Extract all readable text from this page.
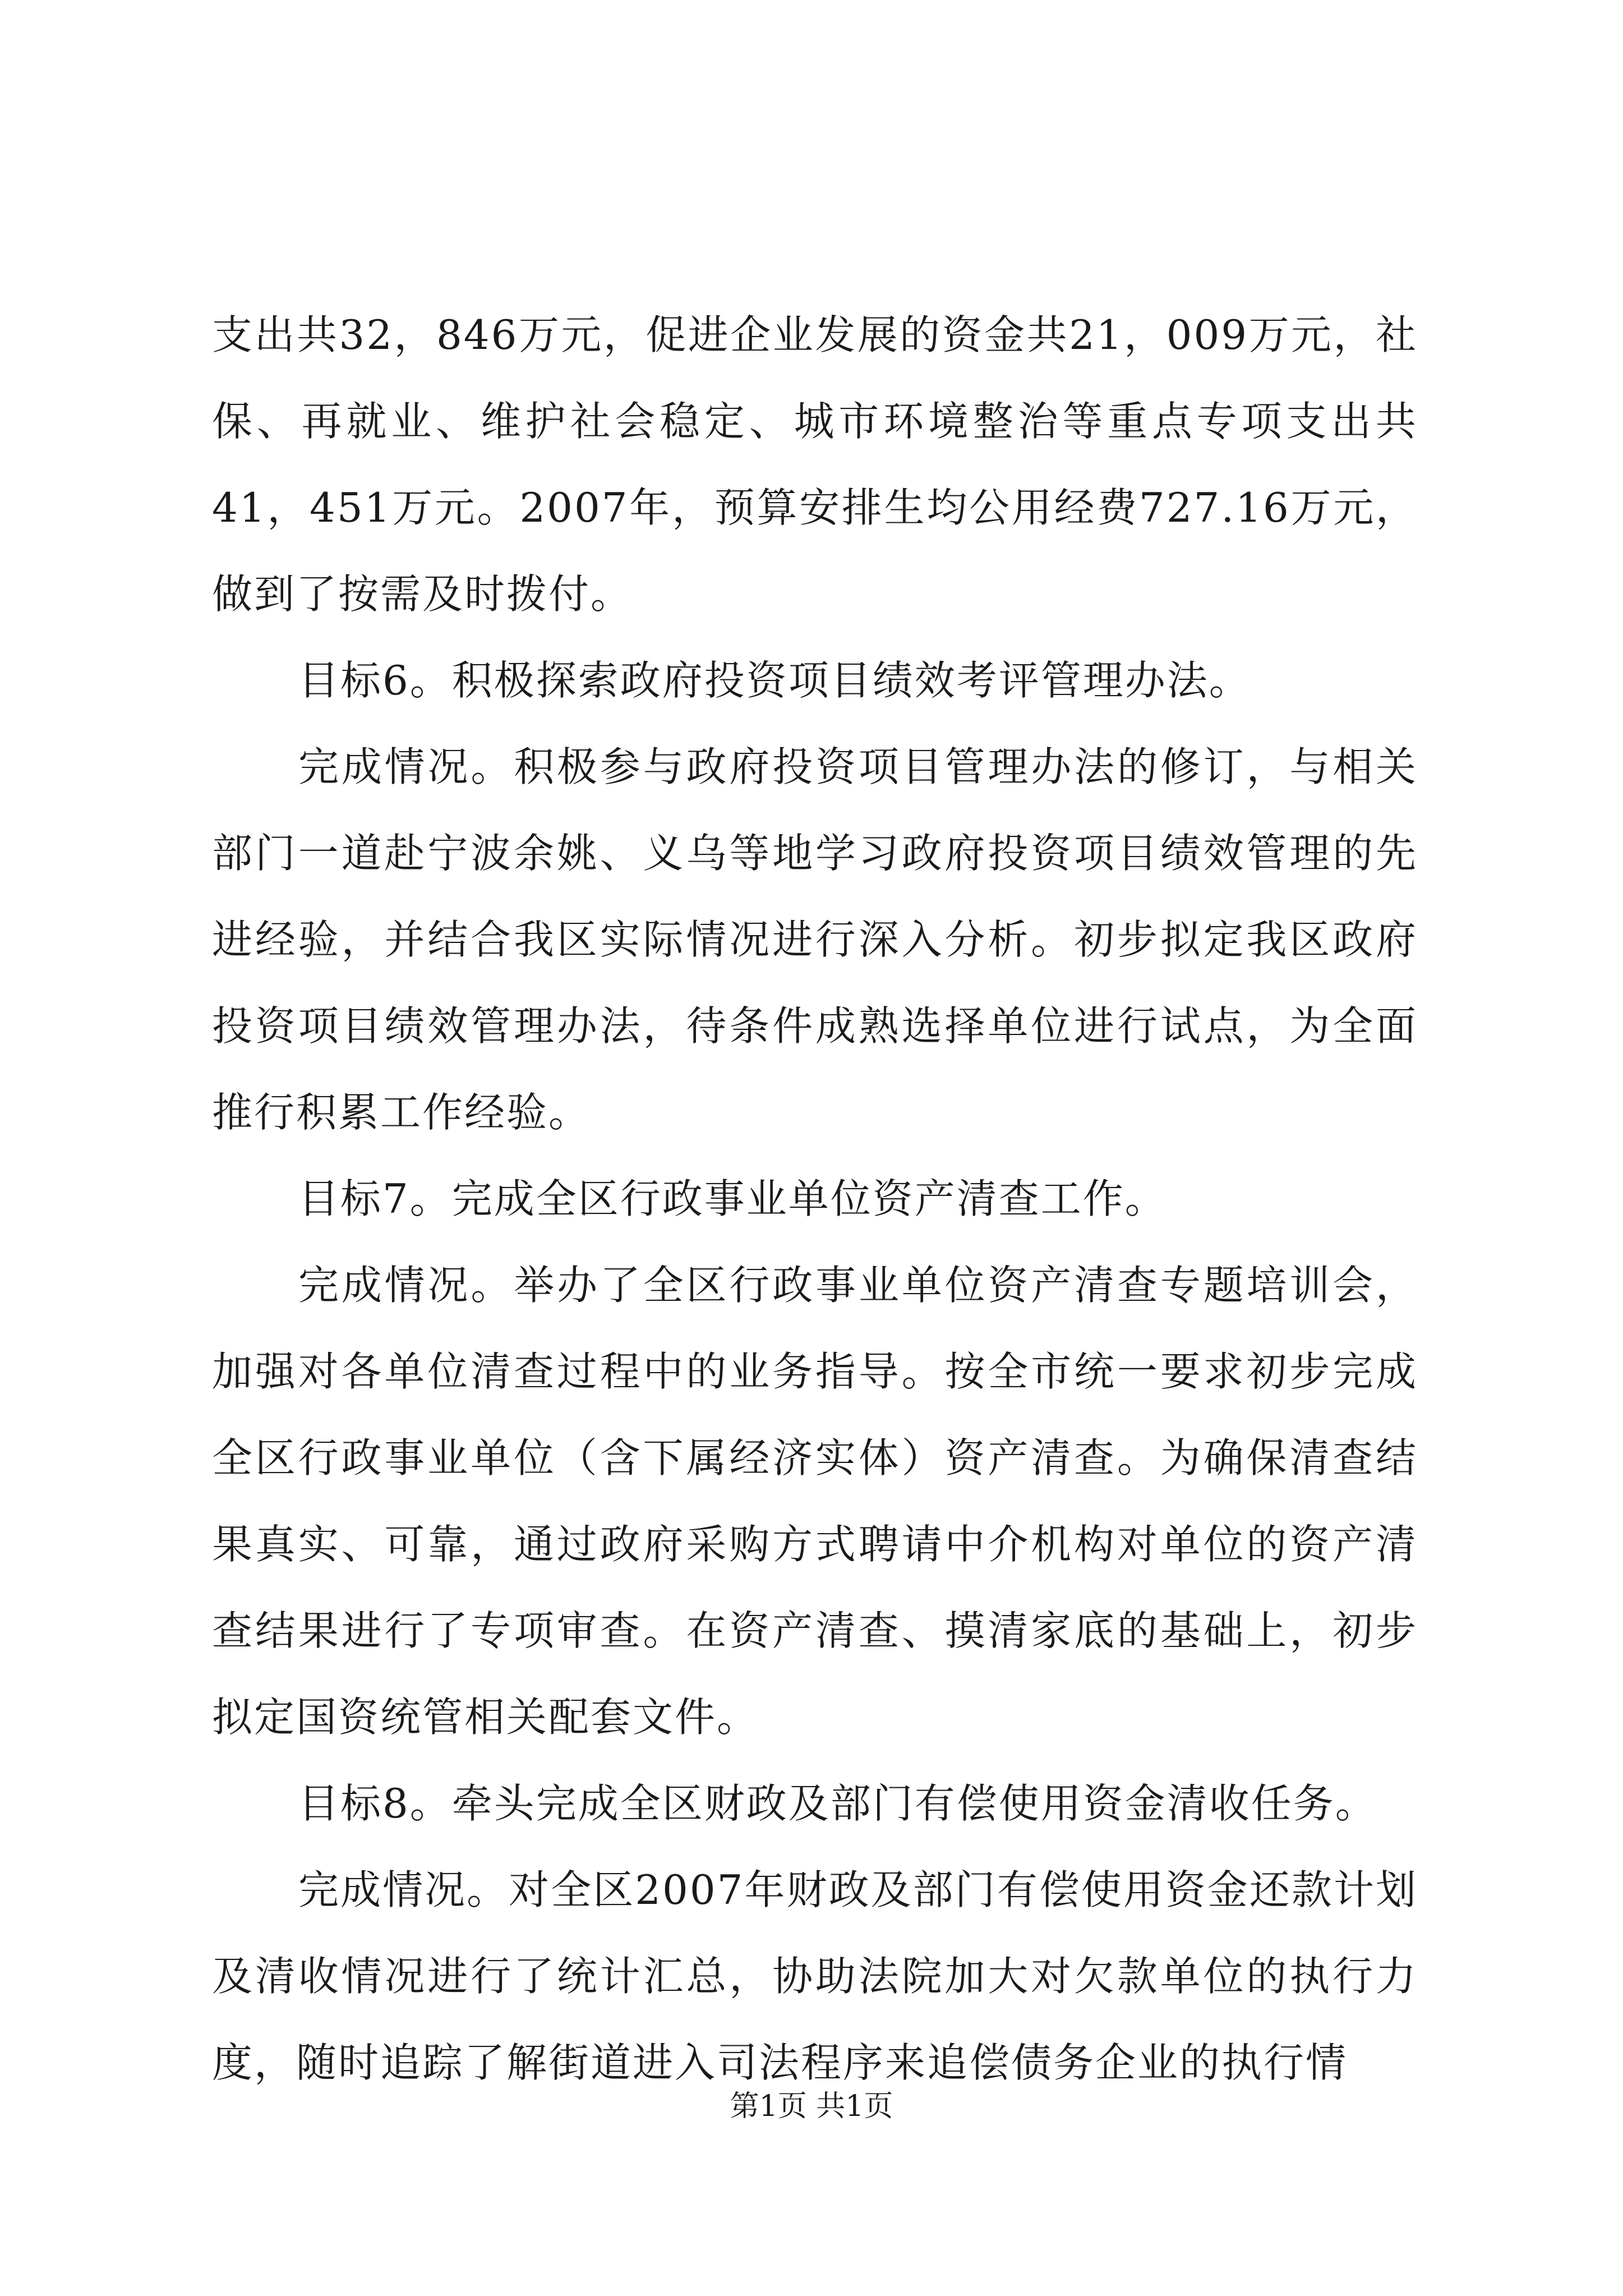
支出共32，846万元，促进企业发展的资金共21，009万元，社保、再就业、维护社会稳定、城市环境整治等重点专项支出共41，451万元。2007年，预算安排生均公用经费727.16万元，做到了按需及时拨付。

目标6。积极探索政府投资项目绩效考评管理办法。

完成情况。积极参与政府投资项目管理办法的修订，与相关部门一道赴宁波余姚、义乌等地学习政府投资项目绩效管理的先进经验，并结合我区实际情况进行深入分析。初步拟定我区政府投资项目绩效管理办法，待条件成熟选择单位进行试点，为全面推行积累工作经验。

目标7。完成全区行政事业单位资产清查工作。

完成情况。举办了全区行政事业单位资产清查专题培训会，加强对各单位清查过程中的业务指导。按全市统一要求初步完成全区行政事业单位（含下属经济实体）资产清查。为确保清查结果真实、可靠，通过政府采购方式聘请中介机构对单位的资产清查结果进行了专项审查。在资产清查、摸清家底的基础上，初步拟定国资统管相关配套文件。

目标8。牵头完成全区财政及部门有偿使用资金清收任务。

完成情况。对全区2007年财政及部门有偿使用资金还款计划及清收情况进行了统计汇总，协助法院加大对欠款单位的执行力度，随时追踪了解街道进入司法程序来追偿债务企业的执行情

第1页 共1页
